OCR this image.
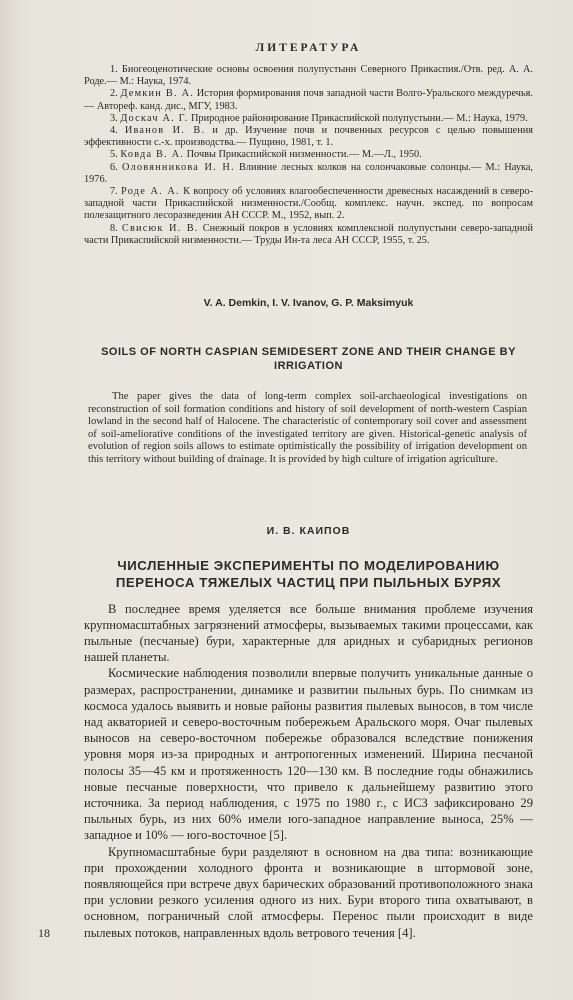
ЛИТЕРАТУРА

1. Биогеоценотические основы освоения полупустынн Северного Прикаспия./Отв. ред. А. А. Роде.— М.: Наука, 1974.

2. Демкин В. А. История формирования почв западной части Волго-Уральского междуречья.— Автореф. канд. дис., МГУ, 1983.

3. Доскач А. Г. Природное районирование Прикаспийской полупустыни.— М.: Наука, 1979.

4. Иванов И. В. и др. Изучение почв и почвенных ресурсов с целью повышения эффективности с.-х. производства.— Пущино, 1981, т. 1.

5. Ковда В. А. Почвы Прикаспийской низменности.— М.—Л., 1950.

6. Оловянникова И. Н. Влияние лесных колков на солончаковые солонцы.— М.: Наука, 1976.

7. Роде А. А. К вопросу об условиях влагообеспеченности древесных насаждений в северо-западной части Прикаспийской низменности./Сообщ. комплекс. научн. экспед. по вопросам полезащитного лесоразведения АН СССР. М., 1952, вып. 2.

8. Свисюк И. В. Снежный покров в условиях комплексной полупустыни северо-западной части Прикаспийской низменности.— Труды Ин-та леса АН СССР, 1955, т. 25.

V. A. Demkin, I. V. Ivanov, G. P. Maksimyuk
SOILS OF NORTH CASPIAN SEMIDESERT ZONE AND THEIR CHANGE BY IRRIGATION

The paper gives the data of long-term complex soil-archaeological investigations on reconstruction of soil formation conditions and history of soil development of north-western Caspian lowland in the second half of Halocene. The characteristic of contemporary soil cover and assessment of soil-ameliorative conditions of the investigated territory are given. Historical-genetic analysis of evolution of region soils allows to estimate optimistically the possibility of irrigation development on this territory without building of drainage. It is provided by high culture of irrigation agriculture.

И. В. КАИПОВ
ЧИСЛЕННЫЕ ЭКСПЕРИМЕНТЫ ПО МОДЕЛИРОВАНИЮ ПЕРЕНОСА ТЯЖЕЛЫХ ЧАСТИЦ ПРИ ПЫЛЬНЫХ БУРЯХ

В последнее время уделяется все больше внимания проблеме изучения крупномасштабных загрязнений атмосферы, вызываемых такими процессами, как пыльные (песчаные) бури, характерные для аридных и субаридных регионов нашей планеты.

Космические наблюдения позволили впервые получить уникальные данные о размерах, распространении, динамике и развитии пыльных бурь. По снимкам из космоса удалось выявить и новые районы развития пылевых выносов, в том числе над акваторией и северо-восточным побережьем Аральского моря. Очаг пылевых выносов на северо-восточном побережье образовался вследствие понижения уровня моря из-за природных и антропогенных изменений. Ширина песчаной полосы 35—45 км и протяженность 120—130 км. В последние годы обнажились новые песчаные поверхности, что привело к дальнейшему развитию этого источника. За период наблюдения, с 1975 по 1980 г., с ИСЗ зафиксировано 29 пыльных бурь, из них 60% имели юго-западное направление выноса, 25% — западное и 10% — юго-восточное [5].

Крупномасштабные бури разделяют в основном на два типа: возникающие при прохождении холодного фронта и возникающие в штормовой зоне, появляющейся при встрече двух барических образований противоположного знака при условии резкого усиления одного из них. Бури второго типа охватывают, в основном, пограничный слой атмосферы. Перенос пыли происходит в виде пылевых потоков, направленных вдоль ветрового течения [4].

18
